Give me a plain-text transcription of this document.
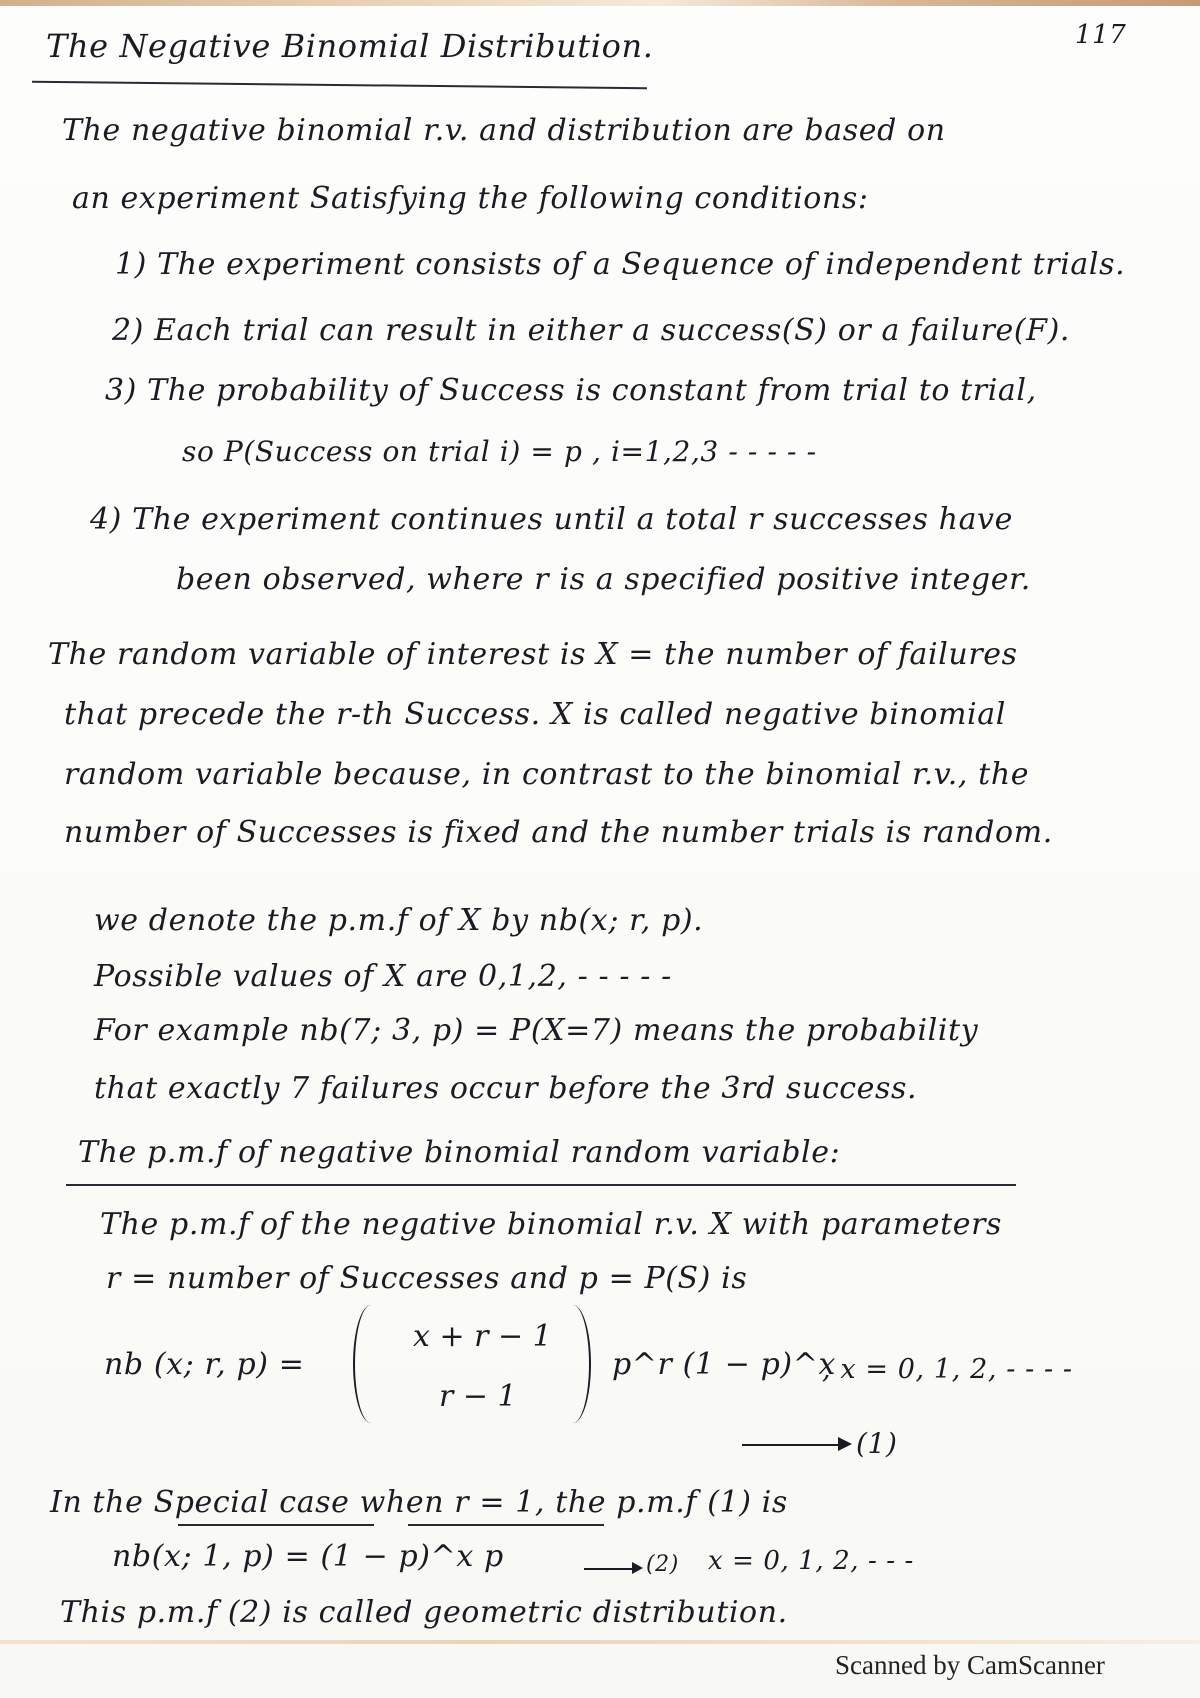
117
The Negative Binomial Distribution.
The negative binomial r.v. and distribution are based on
an experiment Satisfying the following conditions:
1) The experiment consists of a Sequence of independent trials.
2) Each trial can result in either a success(S) or a failure(F).
3) The probability of Success is constant from trial to trial,
so P(Success on trial i) = p , i=1,2,3 - - - - -
4) The experiment continues until a total r successes have
been observed, where r is a specified positive integer.
The random variable of interest is X = the number of failures
that precede the r-th Success. X is called negative binomial
random variable because, in contrast to the binomial r.v., the
number of Successes is fixed and the number trials is random.
we denote the p.m.f of X by nb(x; r, p).
Possible values of X are 0,1,2, - - - - -
For example nb(7; 3, p) = P(X=7) means the probability
that exactly 7 failures occur before the 3rd success.
The p.m.f of negative binomial random variable:
The p.m.f of the negative binomial r.v. X with parameters
r = number of Successes and p = P(S) is
nb (x; r, p) =
x + r − 1
r − 1
p^r (1 − p)^x
, x = 0, 1, 2, - - - -
(1)
In the Special case when r = 1, the p.m.f (1) is
nb(x; 1, p) = (1 − p)^x p	(2) x = 0, 1, 2, - - -
This p.m.f (2) is called geometric distribution.
Scanned by CamScanner
